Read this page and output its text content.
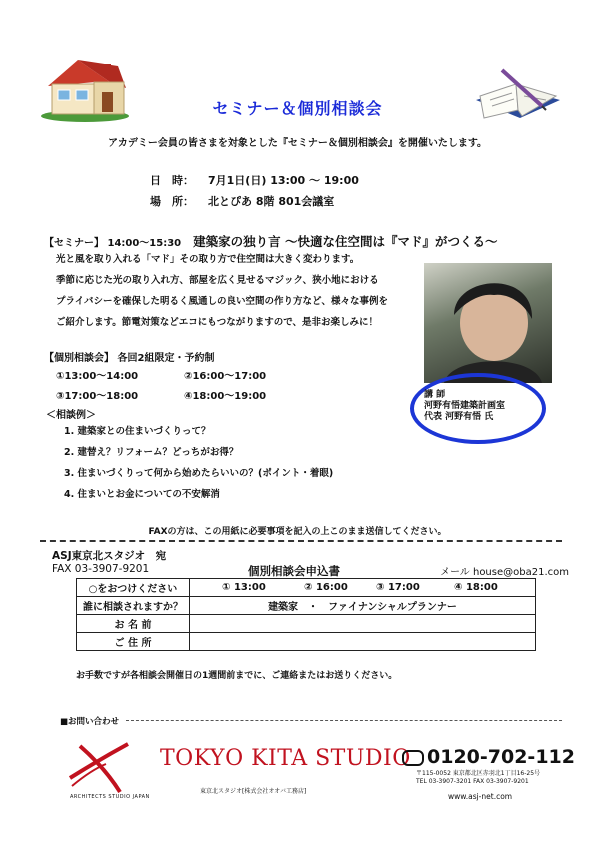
セミナー＆個別相談会
アカデミー会員の皆さまを対象とした『セミナー＆個別相談会』を開催いたします。
日　時： 7月1日(日) 13:00 ～ 19:00
場　所： 北とぴあ 8階 801会議室
【セミナー】 14:00～15:30 建築家の独り言 ～快適な住空間は『マド』がつくる～
光と風を取り入れる「マド」その取り方で住空間は大きく変わります。
季節に応じた光の取り入れ方、部屋を広く見せるマジック、狭小地における
プライバシーを確保した明るく風通しの良い空間の作り方など、様々な事例を
ご紹介します。節電対策などエコにもつながりますので、是非お楽しみに！
【個別相談会】 各回2組限定・予約制
①13:00～14:00	②16:00～17:00
③17:00～18:00	④18:00～19:00
＜相談例＞
1. 建築家との住まいづくりって？
2. 建替え？リフォーム？どっちがお得？
3. 住まいづくりって何から始めたらいいの？(ポイント・着眼)
4. 住まいとお金についての不安解消
講 師
河野有悟建築計画室
代表 河野有悟 氏
FAXの方は、この用紙に必要事項を記入の上このまま送信してください。
ASJ東京北スタジオ　宛
FAX 03-3907-9201	個別相談会申込書	メール house@oba21.com
○をおつけください	① 13:00 ② 16:00 ③ 17:00 ④ 18:00
誰に相談されますか？	建築家　・　ファイナンシャルプランナー
お 名 前	
ご 住 所	
お手数ですが各相談会開催日の1週間前までに、ご連絡またはお送りください。
■お問い合わせ
ARCHITECTS STUDIO JAPAN
TOKYO KITA STUDIO
東京北スタジオ[株式会社オオバ工務店]
0120-702-112
〒115-0052 東京都北区赤羽北1丁目16-25号
TEL 03-3907-3201 FAX 03-3907-9201
www.asj-net.com
